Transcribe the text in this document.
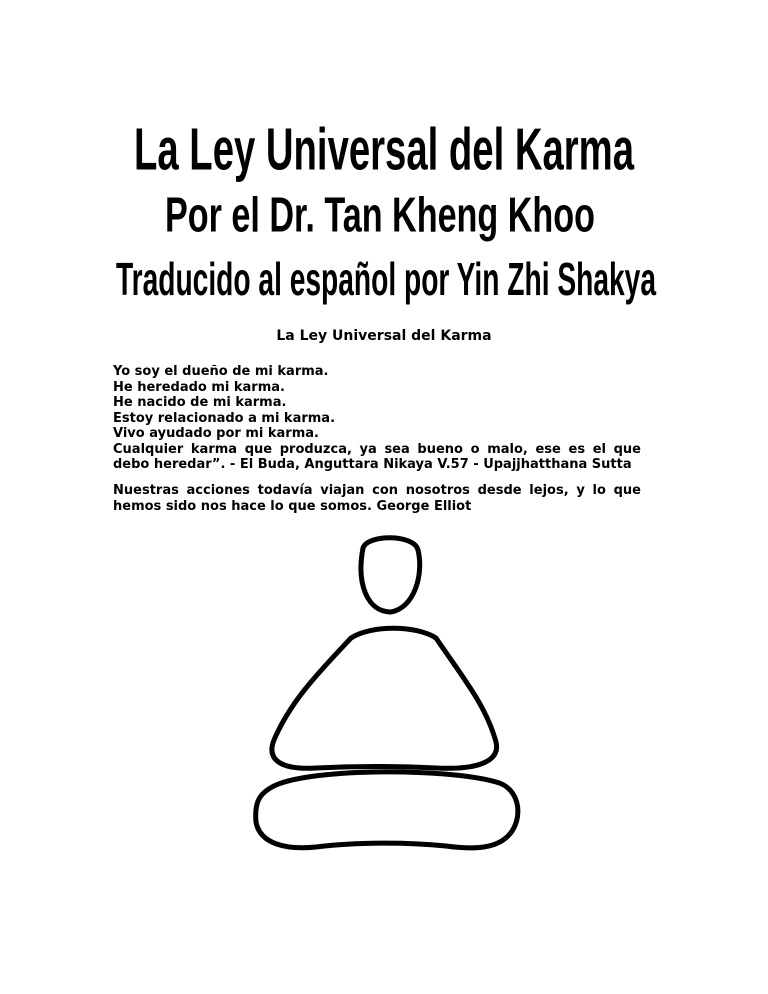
La Ley Universal del Karma
Por el Dr. Tan Kheng Khoo
Traducido al español por Yin Zhi Shakya
La Ley Universal del Karma
Yo soy el dueño de mi karma.
He heredado mi karma.
He nacido de mi karma.
Estoy relacionado a mi karma.
Vivo ayudado por mi karma.
Cualquier karma que produzca, ya sea bueno o malo, ese es el que debo heredar”. - El Buda, Anguttara Nikaya V.57 - Upajjhatthana Sutta
Nuestras acciones todavía viajan con nosotros desde lejos, y lo que hemos sido nos hace lo que somos. George Elliot
